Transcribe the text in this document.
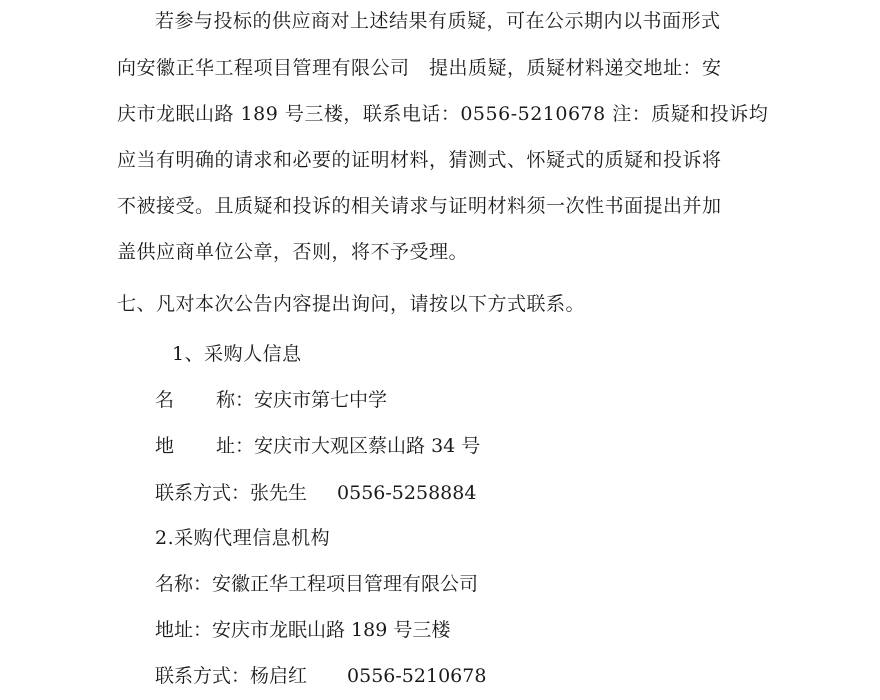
若参与投标的供应商对上述结果有质疑，可在公示期内以书面形式
向安徽正华工程项目管理有限公司　提出质疑，质疑材料递交地址：安
庆市龙眠山路 189 号三楼，联系电话：0556-5210678 注：质疑和投诉均
应当有明确的请求和必要的证明材料，猜测式、怀疑式的质疑和投诉将
不被接受。且质疑和投诉的相关请求与证明材料须一次性书面提出并加
盖供应商单位公章，否则，将不予受理。
七、凡对本次公告内容提出询问，请按以下方式联系。
1、采购人信息
名 称：安庆市第七中学
地 址：安庆市大观区蔡山路 34 号
联系方式：张先生 0556-5258884
2.采购代理信息机构
名称：安徽正华工程项目管理有限公司
地址：安庆市龙眠山路 189 号三楼
联系方式：杨启红 0556-5210678
